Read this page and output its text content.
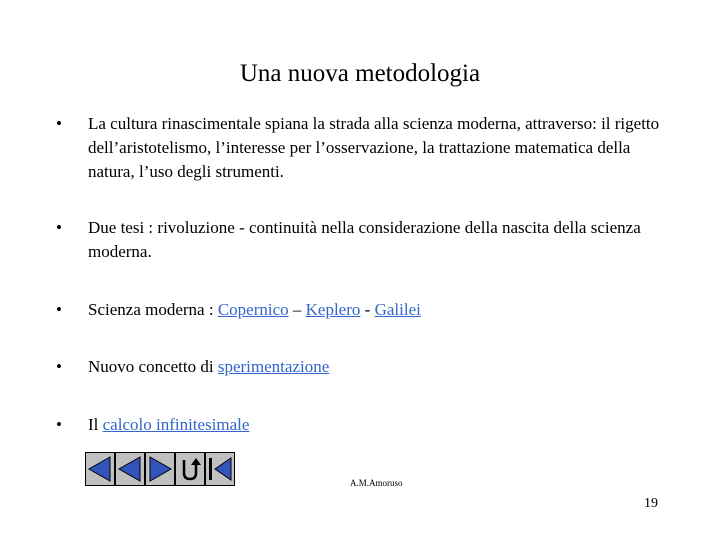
Una nuova metodologia
•	La cultura rinascimentale spiana la strada alla scienza moderna, attraverso: il rigetto dell’aristotelismo, l’interesse per l’osservazione, la trattazione matematica della natura, l’uso degli strumenti.
•	Due tesi : rivoluzione - continuità nella considerazione della nascita della scienza moderna.
•	Scienza moderna : Copernico – Keplero - Galilei
•	Nuovo concetto di sperimentazione
•	Il calcolo infinitesimale
A.M.Amoruso
19
